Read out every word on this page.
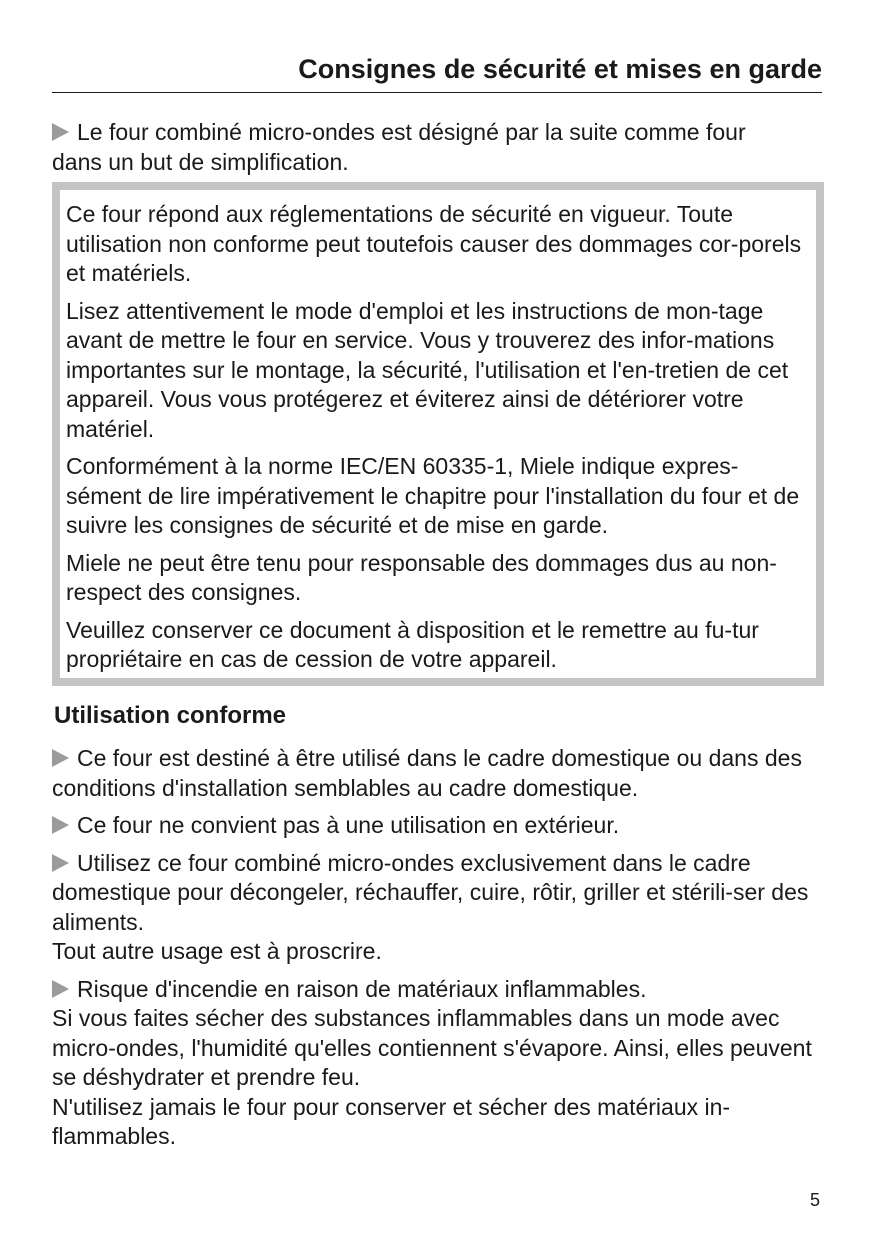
Consignes de sécurité et mises en garde
Le four combiné micro-ondes est désigné par la suite comme four
dans un but de simplification.

Ce four répond aux réglementations de sécurité en vigueur. Toute utilisation non conforme peut toutefois causer des dommages cor-porels et matériels.

Lisez attentivement le mode d'emploi et les instructions de mon-tage avant de mettre le four en service. Vous y trouverez des infor-mations importantes sur le montage, la sécurité, l'utilisation et l'en-tretien de cet appareil. Vous vous protégerez et éviterez ainsi de détériorer votre matériel.

Conformément à la norme IEC/EN 60335-1, Miele indique expres-sément de lire impérativement le chapitre pour l'installation du four et de suivre les consignes de sécurité et de mise en garde.

Miele ne peut être tenu pour responsable des dommages dus au non-respect des consignes.

Veuillez conserver ce document à disposition et le remettre au fu-tur propriétaire en cas de cession de votre appareil.

Utilisation conforme

Ce four est destiné à être utilisé dans le cadre domestique ou dans des conditions d'installation semblables au cadre domestique.

Ce four ne convient pas à une utilisation en extérieur.

Utilisez ce four combiné micro-ondes exclusivement dans le cadre domestique pour décongeler, réchauffer, cuire, rôtir, griller et stérili-ser des aliments.
Tout autre usage est à proscrire.

Risque d'incendie en raison de matériaux inflammables.
Si vous faites sécher des substances inflammables dans un mode avec micro-ondes, l'humidité qu'elles contiennent s'évapore. Ainsi, elles peuvent se déshydrater et prendre feu.
N'utilisez jamais le four pour conserver et sécher des matériaux in-flammables.

5
